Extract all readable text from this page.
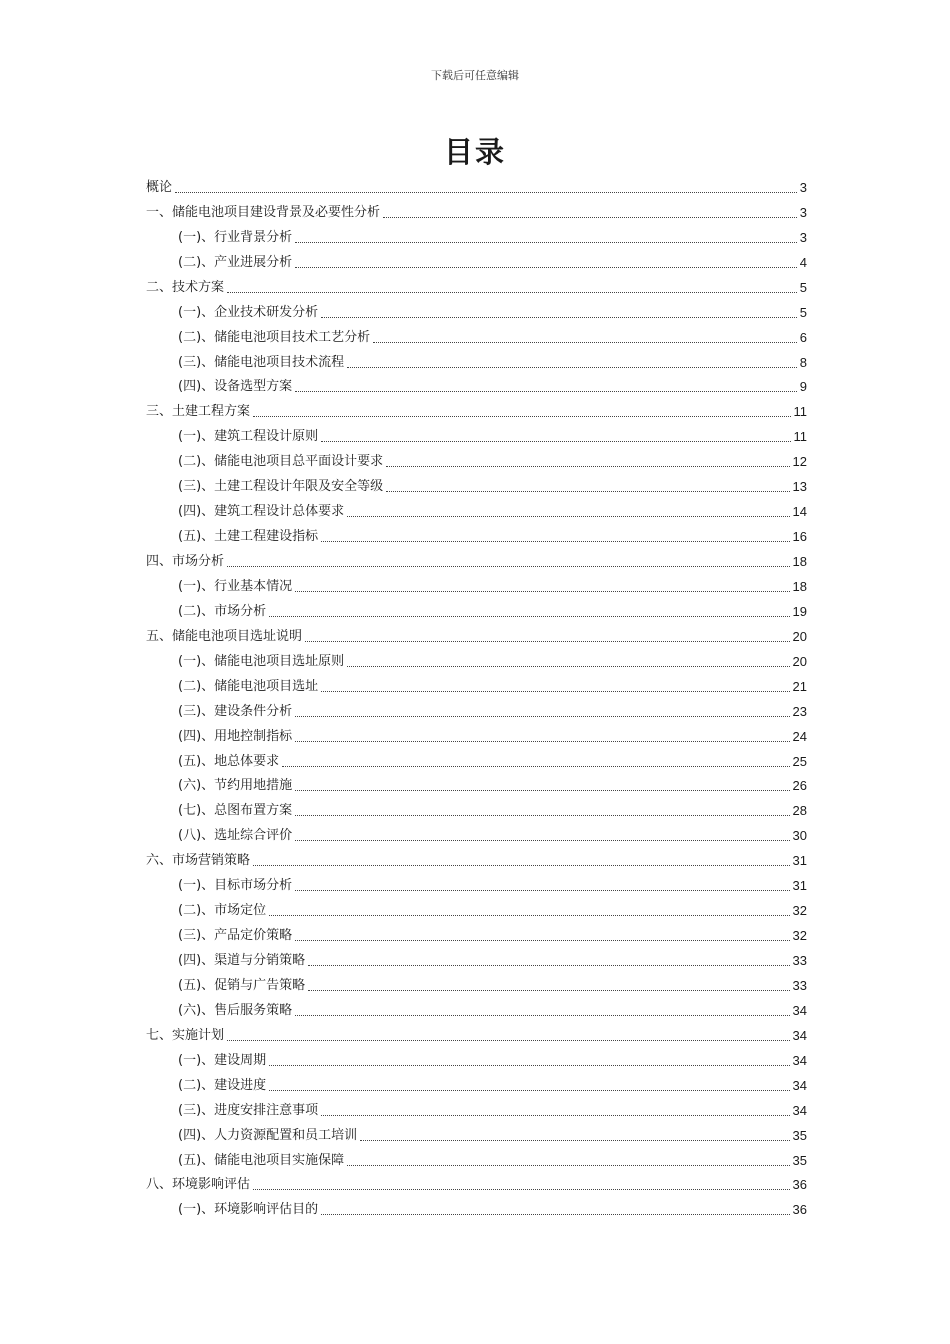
下载后可任意编辑
目录
概论	3
一、储能电池项目建设背景及必要性分析	3
(一)、行业背景分析	3
(二)、产业进展分析	4
二、技术方案	5
(一)、企业技术研发分析	5
(二)、储能电池项目技术工艺分析	6
(三)、储能电池项目技术流程	8
(四)、设备选型方案	9
三、土建工程方案	11
(一)、建筑工程设计原则	11
(二)、储能电池项目总平面设计要求	12
(三)、土建工程设计年限及安全等级	13
(四)、建筑工程设计总体要求	14
(五)、土建工程建设指标	16
四、市场分析	18
(一)、行业基本情况	18
(二)、市场分析	19
五、储能电池项目选址说明	20
(一)、储能电池项目选址原则	20
(二)、储能电池项目选址	21
(三)、建设条件分析	23
(四)、用地控制指标	24
(五)、地总体要求	25
(六)、节约用地措施	26
(七)、总图布置方案	28
(八)、选址综合评价	30
六、市场营销策略	31
(一)、目标市场分析	31
(二)、市场定位	32
(三)、产品定价策略	32
(四)、渠道与分销策略	33
(五)、促销与广告策略	33
(六)、售后服务策略	34
七、实施计划	34
(一)、建设周期	34
(二)、建设进度	34
(三)、进度安排注意事项	34
(四)、人力资源配置和员工培训	35
(五)、储能电池项目实施保障	35
八、环境影响评估	36
(一)、环境影响评估目的	36
